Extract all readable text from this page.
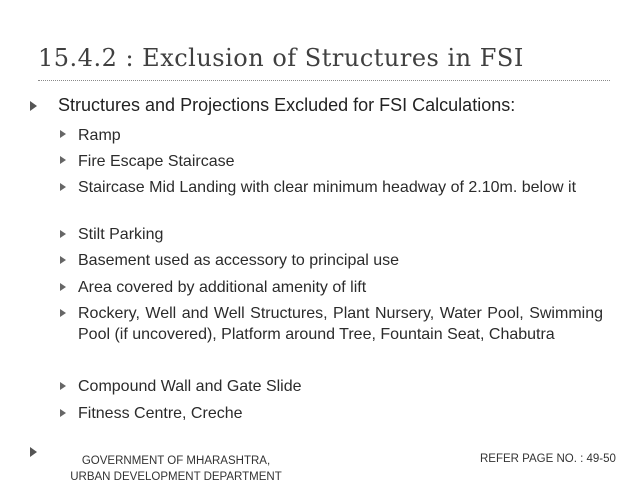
15.4.2 : Exclusion of Structures in FSI
Structures and Projections Excluded for FSI Calculations:
Ramp
Fire Escape Staircase
Staircase Mid Landing with clear minimum headway of 2.10m. below it
Stilt Parking
Basement used as accessory to principal use
Area covered by additional amenity of lift
Rockery, Well and Well Structures, Plant Nursery, Water Pool, Swimming Pool (if uncovered), Platform around Tree, Fountain Seat, Chabutra
Compound Wall and Gate Slide
Fitness Centre, Creche
GOVERNMENT OF MHARASHTRA,
URBAN DEVELOPMENT DEPARTMENT
REFER PAGE NO. : 49-50
